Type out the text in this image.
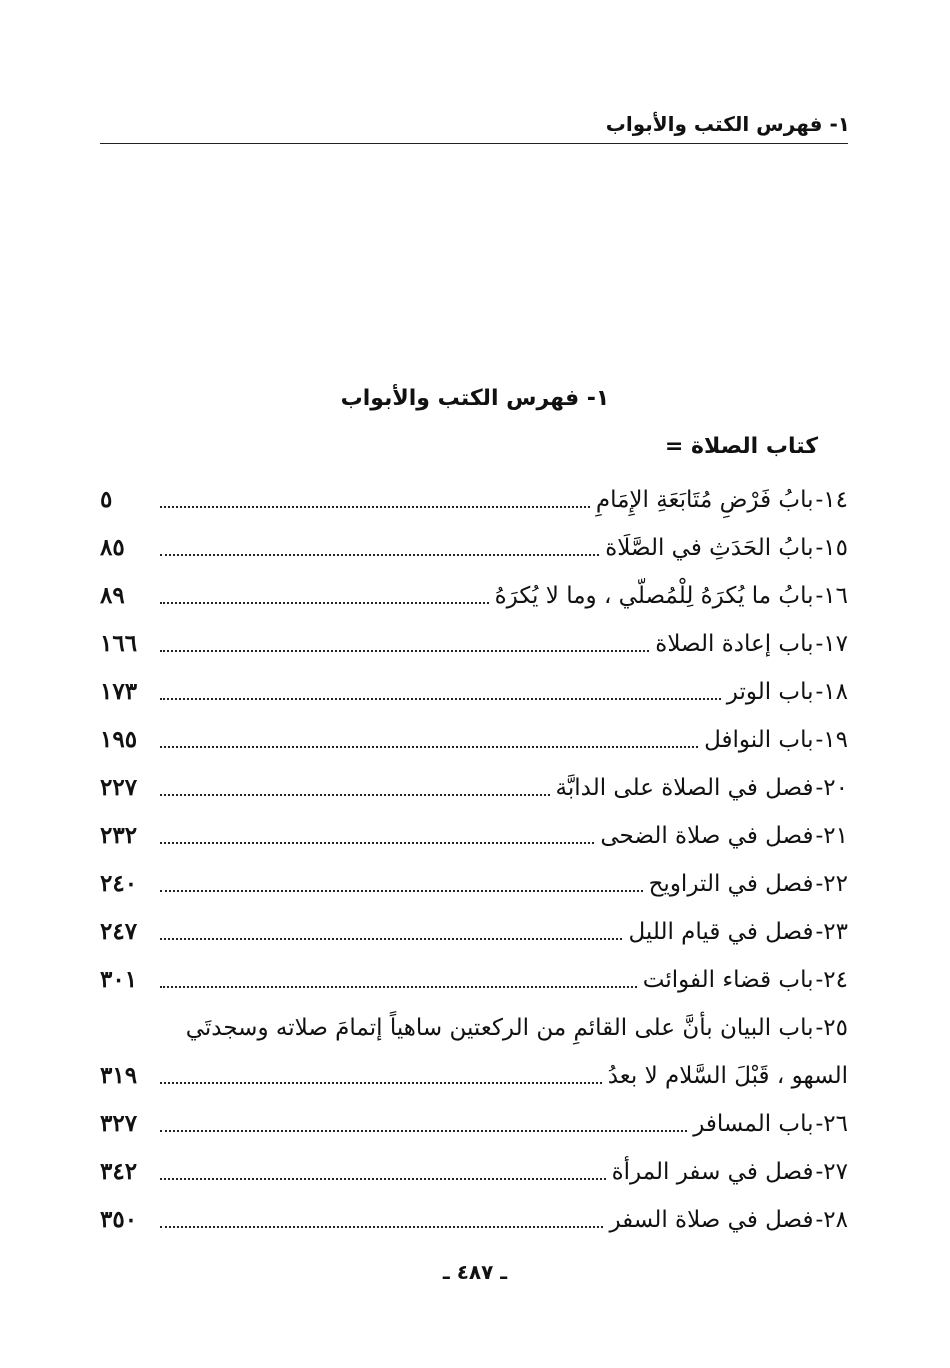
١- فهرس الكتب والأبواب
١- فهرس الكتب والأبواب
كتاب الصلاة =
١٤-
بابُ فَرْضِ مُتَابَعَةِ الإِمَامِ
٥
١٥-
بابُ الحَدَثِ في الصَّلَاة
٨٥
١٦-
بابُ ما يُكرَهُ لِلْمُصلّي ، وما لا يُكرَهُ
٨٩
١٧-
باب إعادة الصلاة
١٦٦
١٨-
باب الوتر
١٧٣
١٩-
باب النوافل
١٩٥
٢٠-
فصل في الصلاة على الدابَّة
٢٢٧
٢١-
فصل في صلاة الضحى
٢٣٢
٢٢-
فصل في التراويح
٢٤٠
٢٣-
فصل في قيام الليل
٢٤٧
٢٤-
باب قضاء الفوائت
٣٠١
٢٥-
باب البيان بأنَّ على القائمِ من الركعتين ساهياً إتمامَ صلاته وسجدتَي
السهو ، قَبْلَ السَّلام لا بعدُ
٣١٩
٢٦-
باب المسافر
٣٢٧
٢٧-
فصل في سفر المرأة
٣٤٢
٢٨-
فصل في صلاة السفر
٣٥٠
ـ ٤٨٧ ـ
